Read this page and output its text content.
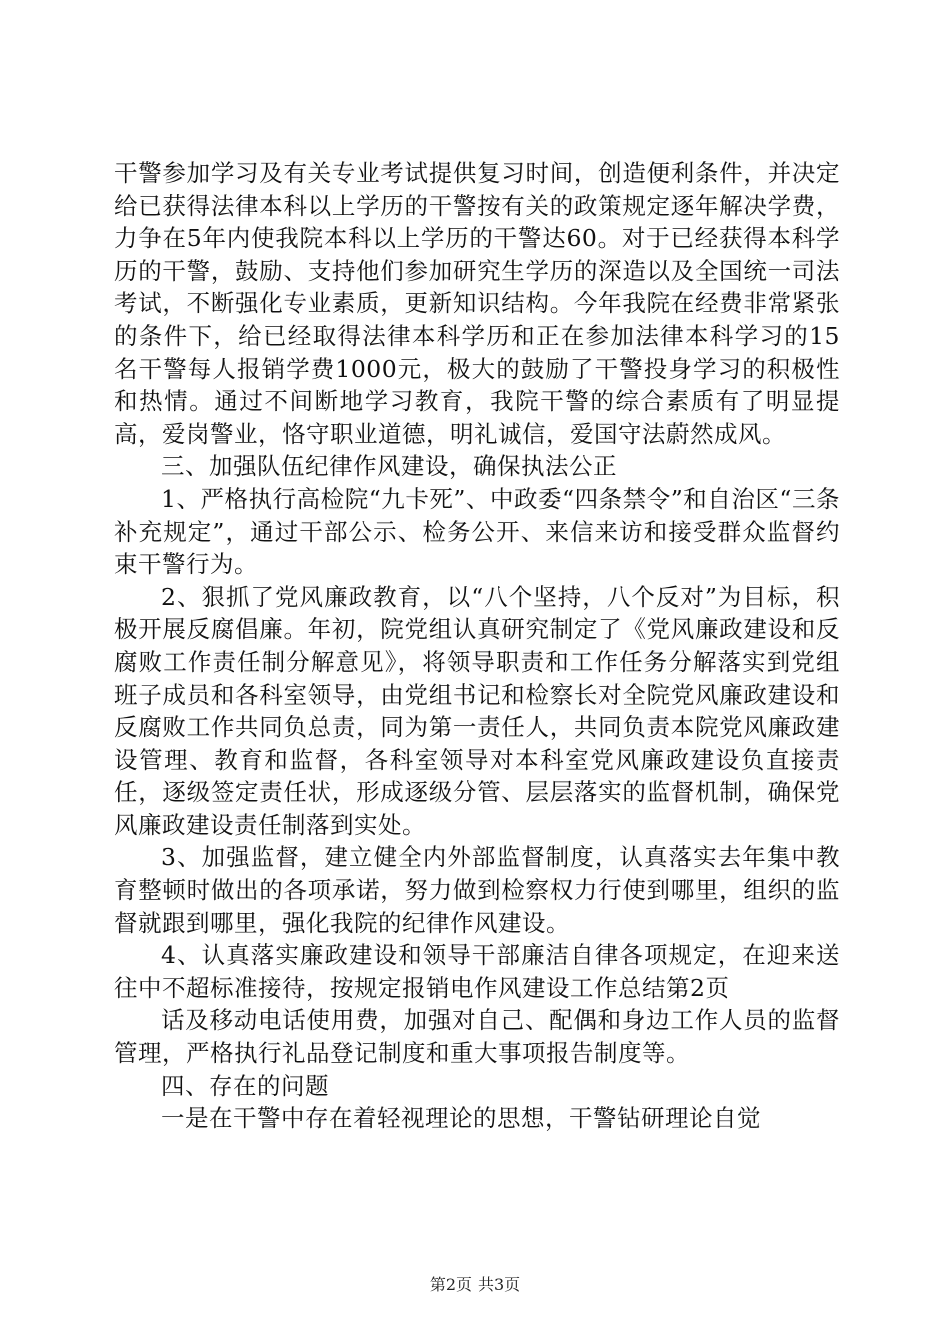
干警参加学习及有关专业考试提供复习时间，创造便利条件，并决定给已获得法律本科以上学历的干警按有关的政策规定逐年解决学费，力争在5年内使我院本科以上学历的干警达60。对于已经获得本科学历的干警，鼓励、支持他们参加研究生学历的深造以及全国统一司法考试，不断强化专业素质，更新知识结构。今年我院在经费非常紧张的条件下，给已经取得法律本科学历和正在参加法律本科学习的15名干警每人报销学费1000元，极大的鼓励了干警投身学习的积极性和热情。通过不间断地学习教育，我院干警的综合素质有了明显提高，爱岗警业，恪守职业道德，明礼诚信，爱国守法蔚然成风。

三、加强队伍纪律作风建设，确保执法公正

1、严格执行高检院“九卡死”、中政委“四条禁令”和自治区“三条补充规定”，通过干部公示、检务公开、来信来访和接受群众监督约束干警行为。

2、狠抓了党风廉政教育，以“八个坚持，八个反对”为目标，积极开展反腐倡廉。年初，院党组认真研究制定了《党风廉政建设和反腐败工作责任制分解意见》，将领导职责和工作任务分解落实到党组班子成员和各科室领导，由党组书记和检察长对全院党风廉政建设和反腐败工作共同负总责，同为第一责任人，共同负责本院党风廉政建设管理、教育和监督，各科室领导对本科室党风廉政建设负直接责任，逐级签定责任状，形成逐级分管、层层落实的监督机制，确保党风廉政建设责任制落到实处。

3、加强监督，建立健全内外部监督制度，认真落实去年集中教育整顿时做出的各项承诺，努力做到检察权力行使到哪里，组织的监督就跟到哪里，强化我院的纪律作风建设。

4、认真落实廉政建设和领导干部廉洁自律各项规定，在迎来送往中不超标准接待，按规定报销电作风建设工作总结第2页

话及移动电话使用费，加强对自己、配偶和身边工作人员的监督管理，严格执行礼品登记制度和重大事项报告制度等。

四、存在的问题

一是在干警中存在着轻视理论的思想，干警钻研理论自觉

第2页 共3页
